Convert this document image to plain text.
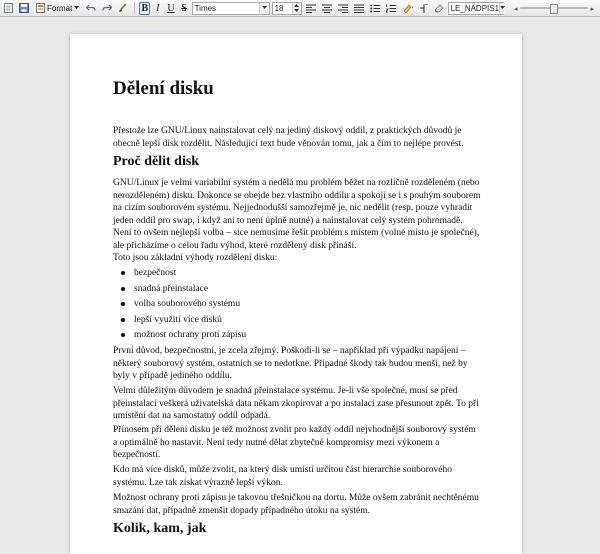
Format	B I U S Times	18	LE_NADPIS1 ◂	▸
Dělení disku

Přestože lze GNU/Linux nainstalovat celý na jediný diskový oddíl, z praktických důvodů je obecně lepší disk rozdělit. Následující text bude věnován tomu, jak a čím to nejlépe provést.

Proč dělit disk

GNU/Linux je velmi variabilní systém a nedělá mu problém běžet na rozličně rozděleném (nebo nerozděleném) disku. Dokonce se obejde bez vlastního oddílu a spokojí se i s pouhým souborem na cizím souborovém systému. Nejjednodušší samozřejmě je, nic nedělit (resp. pouze vyhradit jeden oddíl pro swap, i když ani to není úplně nutné) a nainstalovat celý systém pohromadě. Není to ovšem nejlepší volba – sice nemusíme řešit problém s místem (volné místo je společné), ale přicházíme o celou řadu výhod, které rozdělený disk přináší.

Toto jsou základní výhody rozdělení disku:

bezpečnost
snadná přeinstalace
volba souborového systému
lepší využití více disků
možnost ochrany proti zápisu

První důvod, bezpečnostní, je zcela zřejmý. Poškodí-li se – například při výpadku napájení – některý souborový systém, ostatních se to nedotkne. Případné škody tak budou menší, než by byly v případě jediného oddílu.

Velmi důležitým důvodem je snadná přeinstalace systému. Je-li vše společné, musí se před přeinstalací veškerá uživatelská data někam zkopírovat a po instalaci zase přesunout zpět. To při umístění dat na samostatný oddíl odpadá.

Přínosem při dělení disku je též možnost zvolit pro každý oddíl nejvhodnější souborový systém a optimálně ho nastavit. Není tedy nutné dělat zbytečné kompromisy mezi výkonem a bezpečností.

Kdo má více disků, může zvolit, na který disk umístí určitou část hierarchie souborového systému. Lze tak získat výrazně lepší výkon.

Možnost ochrany proti zápisu je takovou třešničkou na dortu. Může ovšem zabránit nechtěnému smazání dat, případně zmenšit dopady případného útoku na systém.

Kolik, kam, jak
